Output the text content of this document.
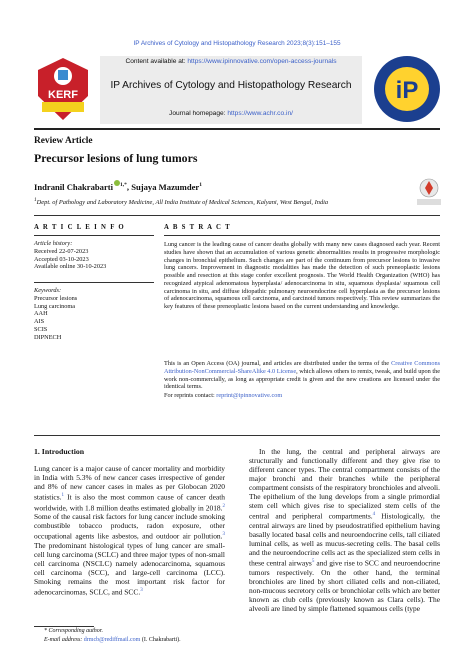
IP Archives of Cytology and Histopathology Research 2023;8(3):151–155
KERF	iP
Content available at: https://www.ipinnovative.com/open-access-journals
IP Archives of Cytology and Histopathology Research
Journal homepage: https://www.achr.co.in/
Review Article
Precursor lesions of lung tumors
Indranil Chakrabarti $^{1,*}$, Sujaya Mazumder$^1$
$^1$Dept. of Pathology and Laboratory Medicine, All India Institute of Medical Sciences, Kalyani, West Bengal, India
A R T I C L E I N F O
Article history:
Received 22-07-2023
Accepted 03-10-2023
Available online 30-10-2023
Keywords:
Precursor lesions
Lung carcinoma
AAH
AIS
SCIS
DIPNECH
A B S T R A C T
Lung cancer is the leading cause of cancer deaths globally with many new cases diagnosed each year. Recent studies have shown that an accumulation of various genetic abnormalities results in progressive morphologic changes in bronchial epithelium. Such changes are part of the continuum from precursor lesions to invasive lung cancers. Improvement in diagnostic modalities has made the detection of such preneoplastic lesions possible and resection at this stage confer excellent prognosis. The World Health Organization (WHO) has recognized atypical adenomatous hyperplasia/ adenocarcinoma in situ, squamous dysplasia/ squamous cell carcinoma in situ, and diffuse idiopathic pulmonary neuroendocrine cell hyperplasia as the precursor lesions of adenocarcinoma, squamous cell carcinoma, and carcinoid tumors respectively. This review summarizes the key features of these preneoplastic lesions based on the current understanding and knowledge.
This is an Open Access (OA) journal, and articles are distributed under the terms of the Creative Commons Attribution-NonCommercial-ShareAlike 4.0 License, which allows others to remix, tweak, and build upon the work non-commercially, as long as appropriate credit is given and the new creations are licensed under the identical terms.
For reprints contact: reprint@ipinnovative.com
1. Introduction
Lung cancer is a major cause of cancer mortality and morbidity in India with 5.3% of new cancer cases irrespective of gender and 8% of new cancer cases in males as per Globocan 2020 statistics.$^1$ It is also the most common cause of cancer death worldwide, with 1.8 million deaths estimated globally in 2018.$^2$ Some of the causal risk factors for lung cancer include smoking combustible tobacco products, radon exposure, other occupational agents like asbestos, and outdoor air pollution.$^3$ The predominant histological types of lung cancer are small-cell lung carcinoma (SCLC) and three major types of non-small cell carcinoma (NSCLC) namely adenocarcinoma, squamous cell carcinoma (SCC), and large-cell carcinoma (LCC). Smoking remains the most important risk factor for adenocarcinomas, SCLC, and SCC.$^3$
In the lung, the central and peripheral airways are structurally and functionally different and they give rise to different cancer types. The central compartment consists of the major bronchi and their branches while the peripheral compartment consists of the respiratory bronchioles and alveoli. The epithelium of the lung develops from a single primordial stem cell which gives rise to specialized stem cells of the central and peripheral compartments.$^4$ Histologically, the central airways are lined by pseudostratified epithelium having basally located basal cells and neuroendocrine cells, tall ciliated luminal cells, as well as mucus-secreting cells. The basal cells and the neuroendocrine cells act as the specialized stem cells in these central airways$^5$ and give rise to SCC and neuroendocrine tumors respectively. On the other hand, the terminal bronchioles are lined by short ciliated cells and non-ciliated, non-mucous secretory cells or bronchiolar cells which are better known as club cells (previously known as Clara cells). The alveoli are lined by simple flattened squamous cells (type
* Corresponding author.
E-mail address: drmcb@rediffmail.com (I. Chakrabarti).
